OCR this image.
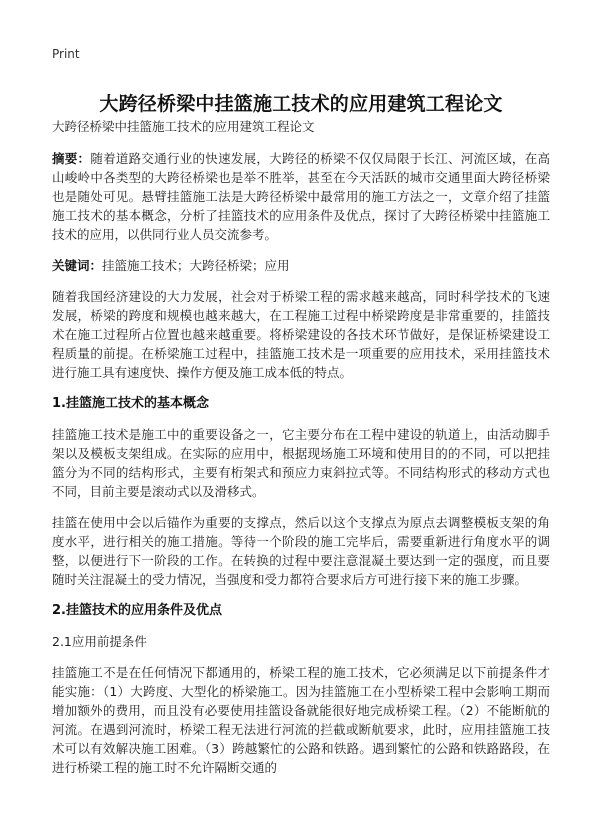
Print
大跨径桥梁中挂篮施工技术的应用建筑工程论文
大跨径桥梁中挂篮施工技术的应用建筑工程论文

摘要：随着道路交通行业的快速发展，大跨径的桥梁不仅仅局限于长江、河流区域，在高山峻岭中各类型的大跨径桥梁也是举不胜举，甚至在今天活跃的城市交通里面大跨径桥梁也是随处可见。悬臂挂篮施工法是大跨径桥梁中最常用的施工方法之一，文章介绍了挂篮施工技术的基本概念，分析了挂篮技术的应用条件及优点，探讨了大跨径桥梁中挂篮施工技术的应用，以供同行业人员交流参考。

关键词：挂篮施工技术；大跨径桥梁；应用

随着我国经济建设的大力发展，社会对于桥梁工程的需求越来越高，同时科学技术的飞速发展，桥梁的跨度和规模也越来越大，在工程施工过程中桥梁跨度是非常重要的，挂篮技术在施工过程所占位置也越来越重要。将桥梁建设的各技术环节做好，是保证桥梁建设工程质量的前提。在桥梁施工过程中，挂篮施工技术是一项重要的应用技术，采用挂篮技术进行施工具有速度快、操作方便及施工成本低的特点。

1.挂篮施工技术的基本概念

挂篮施工技术是施工中的重要设备之一，它主要分布在工程中建设的轨道上，由活动脚手架以及模板支架组成。在实际的应用中，根据现场施工环境和使用目的的不同，可以把挂篮分为不同的结构形式，主要有桁架式和预应力束斜拉式等。不同结构形式的移动方式也不同，目前主要是滚动式以及滑移式。

挂篮在使用中会以后锚作为重要的支撑点，然后以这个支撑点为原点去调整模板支架的角度水平，进行相关的施工措施。等待一个阶段的施工完毕后，需要重新进行角度水平的调整，以便进行下一阶段的工作。在转换的过程中要注意混凝土要达到一定的强度，而且要随时关注混凝土的受力情况，当强度和受力都符合要求后方可进行接下来的施工步骤。

2.挂篮技术的应用条件及优点
2.1应用前提条件

挂篮施工不是在任何情况下都通用的，桥梁工程的施工技术，它必须满足以下前提条件才能实施：（1）大跨度、大型化的桥梁施工。因为挂篮施工在小型桥梁工程中会影响工期而增加额外的费用，而且没有必要使用挂篮设备就能很好地完成桥梁工程。（2）不能断航的河流。在遇到河流时，桥梁工程无法进行河流的拦截或断航要求，此时，应用挂篮施工技术可以有效解决施工困难。（3）跨越繁忙的公路和铁路。遇到繁忙的公路和铁路路段，在进行桥梁工程的施工时不允许隔断交通的
